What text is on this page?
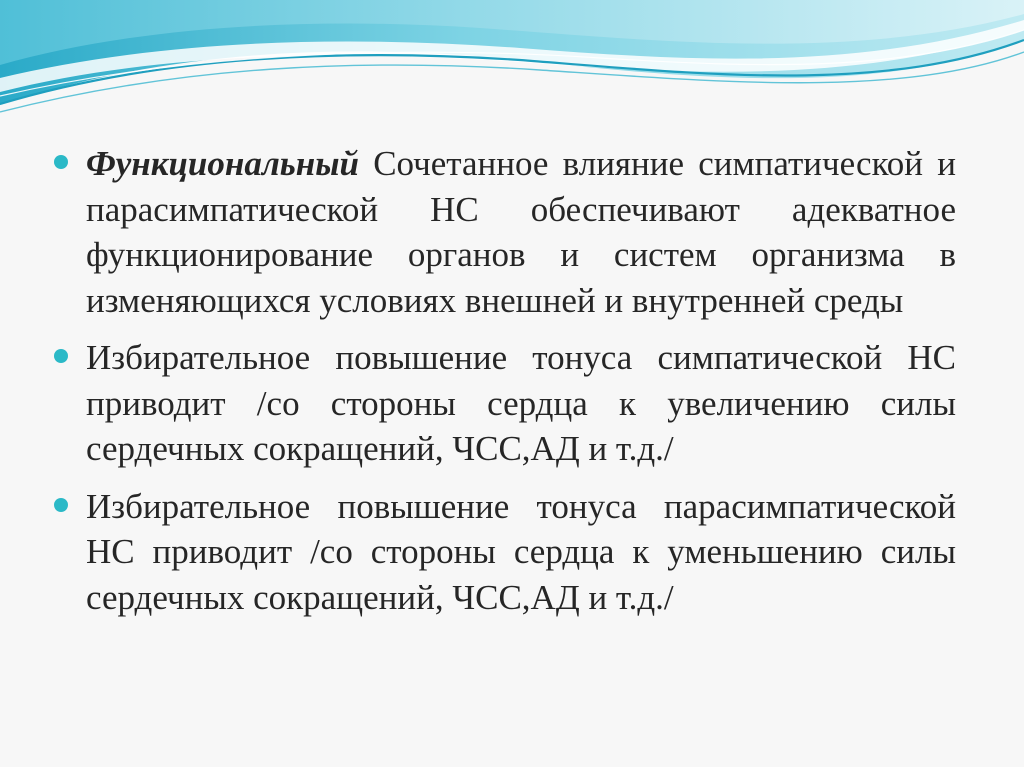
Функциональный Сочетанное влияние симпатической и парасимпатической НС обеспечивают адекватное функционирование органов и систем организма в изменяющихся условиях внешней и внутренней среды
Избирательное повышение тонуса симпатической НС приводит /со стороны сердца к увеличению силы сердечных сокращений, ЧСС,АД и т.д./
Избирательное повышение тонуса парасимпатической НС приводит /со стороны сердца к уменьшению силы сердечных сокращений, ЧСС,АД и т.д./
